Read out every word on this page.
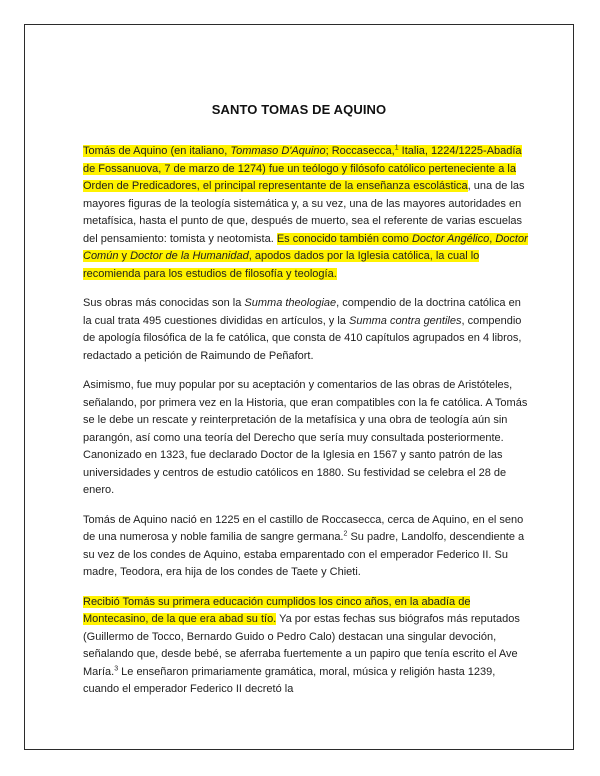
SANTO TOMAS DE AQUINO

Tomás de Aquino (en italiano, Tommaso D'Aquino; Roccasecca,$^1$ Italia, 1224/1225-Abadía de Fossanuova, 7 de marzo de 1274) fue un teólogo y filósofo católico perteneciente a la Orden de Predicadores, el principal representante de la enseñanza escolástica, una de las mayores figuras de la teología sistemática y, a su vez, una de las mayores autoridades en metafísica, hasta el punto de que, después de muerto, sea el referente de varias escuelas del pensamiento: tomista y neotomista. Es conocido también como Doctor Angélico, Doctor Común y Doctor de la Humanidad, apodos dados por la Iglesia católica, la cual lo recomienda para los estudios de filosofía y teología.

Sus obras más conocidas son la Summa theologiae, compendio de la doctrina católica en la cual trata 495 cuestiones divididas en artículos, y la Summa contra gentiles, compendio de apología filosófica de la fe católica, que consta de 410 capítulos agrupados en 4 libros, redactado a petición de Raimundo de Peñafort.

Asimismo, fue muy popular por su aceptación y comentarios de las obras de Aristóteles, señalando, por primera vez en la Historia, que eran compatibles con la fe católica. A Tomás se le debe un rescate y reinterpretación de la metafísica y una obra de teología aún sin parangón, así como una teoría del Derecho que sería muy consultada posteriormente. Canonizado en 1323, fue declarado Doctor de la Iglesia en 1567 y santo patrón de las universidades y centros de estudio católicos en 1880. Su festividad se celebra el 28 de enero.

Tomás de Aquino nació en 1225 en el castillo de Roccasecca, cerca de Aquino, en el seno de una numerosa y noble familia de sangre germana.$^2$ Su padre, Landolfo, descendiente a su vez de los condes de Aquino, estaba emparentado con el emperador Federico II. Su madre, Teodora, era hija de los condes de Taete y Chieti.

Recibió Tomás su primera educación cumplidos los cinco años, en la abadía de Montecasino, de la que era abad su tío. Ya por estas fechas sus biógrafos más reputados (Guillermo de Tocco, Bernardo Guido o Pedro Calo) destacan una singular devoción, señalando que, desde bebé, se aferraba fuertemente a un papiro que tenía escrito el Ave María.$^3$ Le enseñaron primariamente gramática, moral, música y religión hasta 1239, cuando el emperador Federico II decretó la
